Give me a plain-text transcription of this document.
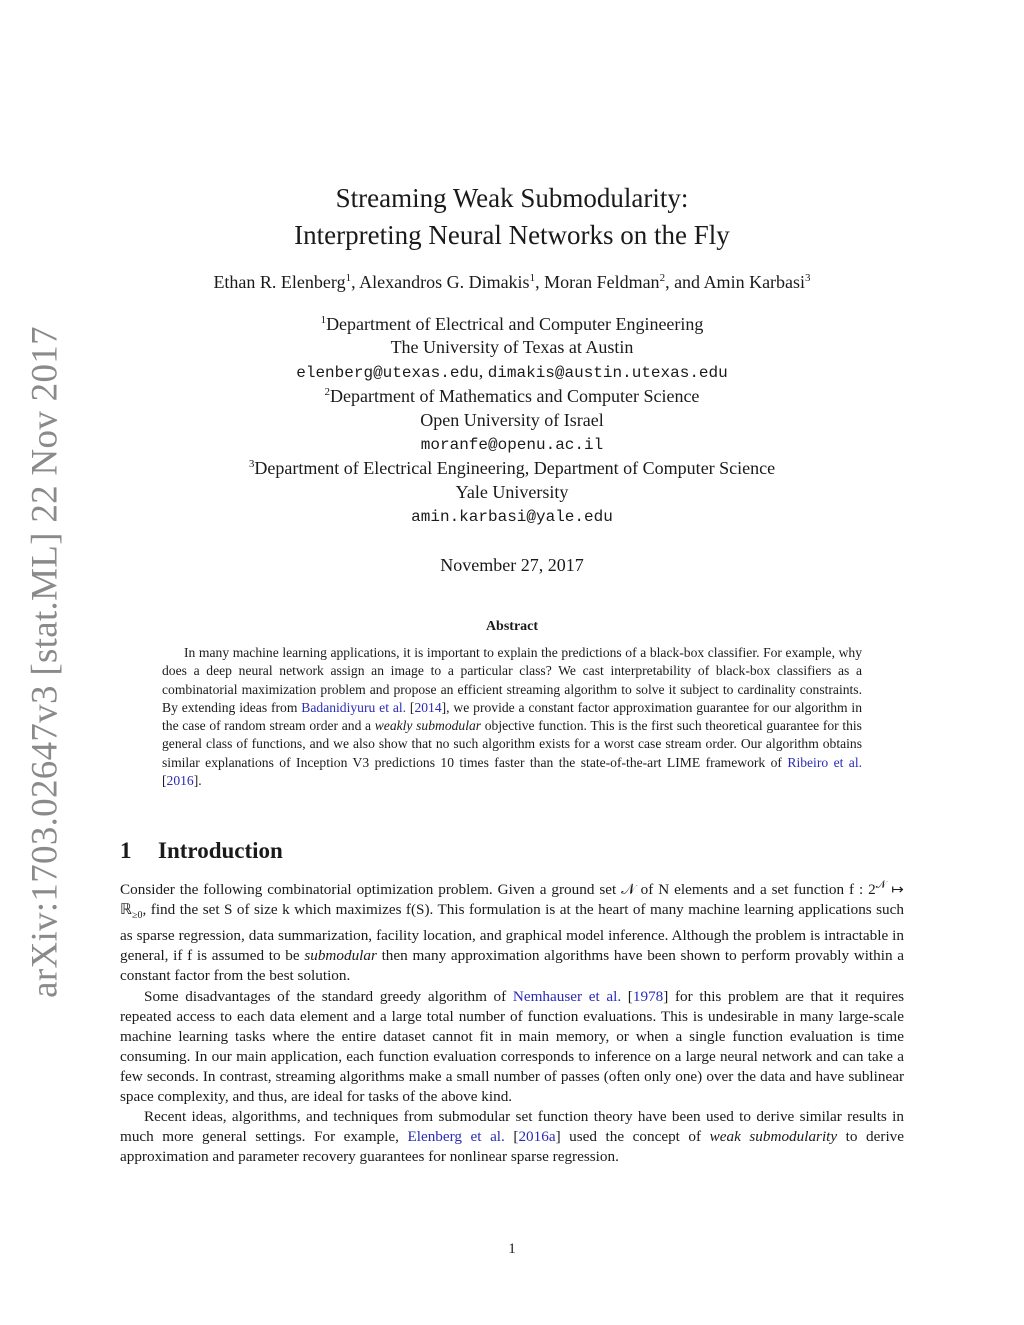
arXiv:1703.02647v3 [stat.ML] 22 Nov 2017
Streaming Weak Submodularity:
Interpreting Neural Networks on the Fly
Ethan R. Elenberg$^1$, Alexandros G. Dimakis$^1$, Moran Feldman$^2$, and Amin Karbasi$^3$
$^1$Department of Electrical and Computer Engineering
The University of Texas at Austin
elenberg@utexas.edu, dimakis@austin.utexas.edu
$^2$Department of Mathematics and Computer Science
Open University of Israel
moranfe@openu.ac.il
$^3$Department of Electrical Engineering, Department of Computer Science
Yale University
amin.karbasi@yale.edu
November 27, 2017
Abstract
In many machine learning applications, it is important to explain the predictions of a black-box classifier. For example, why does a deep neural network assign an image to a particular class? We cast interpretability of black-box classifiers as a combinatorial maximization problem and propose an efficient streaming algorithm to solve it subject to cardinality constraints. By extending ideas from Badanidiyuru et al. [2014], we provide a constant factor approximation guarantee for our algorithm in the case of random stream order and a weakly submodular objective function. This is the first such theoretical guarantee for this general class of functions, and we also show that no such algorithm exists for a worst case stream order. Our algorithm obtains similar explanations of Inception V3 predictions 10 times faster than the state-of-the-art LIME framework of Ribeiro et al. [2016].
1 Introduction

Consider the following combinatorial optimization problem. Given a ground set 𝒩 of N elements and a set function f : $2^𝒩$ ↦ ℝ$_{\ge 0}$, find the set S of size k which maximizes f(S). This formulation is at the heart of many machine learning applications such as sparse regression, data summarization, facility location, and graphical model inference. Although the problem is intractable in general, if f is assumed to be submodular then many approximation algorithms have been shown to perform provably within a constant factor from the best solution.

Some disadvantages of the standard greedy algorithm of Nemhauser et al. [1978] for this problem are that it requires repeated access to each data element and a large total number of function evaluations. This is undesirable in many large-scale machine learning tasks where the entire dataset cannot fit in main memory, or when a single function evaluation is time consuming. In our main application, each function evaluation corresponds to inference on a large neural network and can take a few seconds. In contrast, streaming algorithms make a small number of passes (often only one) over the data and have sublinear space complexity, and thus, are ideal for tasks of the above kind.

Recent ideas, algorithms, and techniques from submodular set function theory have been used to derive similar results in much more general settings. For example, Elenberg et al. [2016a] used the concept of weak submodularity to derive approximation and parameter recovery guarantees for nonlinear sparse regression.

1
